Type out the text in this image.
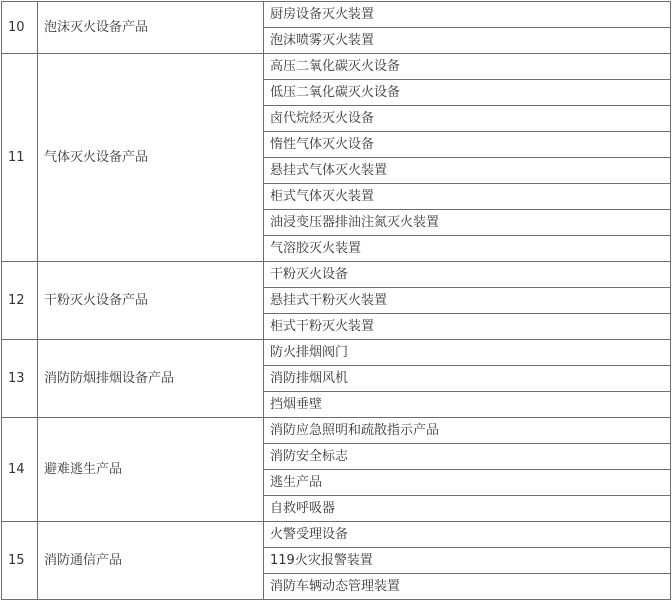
10	泡沫灭火设备产品	厨房设备灭火装置
		泡沫喷雾灭火装置
11	气体灭火设备产品	高压二氧化碳灭火设备
		低压二氧化碳灭火设备
		卤代烷烃灭火设备
		惰性气体灭火设备
		悬挂式气体灭火装置
		柜式气体灭火装置
		油浸变压器排油注氮灭火装置
		气溶胶灭火装置
12	干粉灭火设备产品	干粉灭火设备
		悬挂式干粉灭火装置
		柜式干粉灭火装置
13	消防防烟排烟设备产品	防火排烟阀门
		消防排烟风机
		挡烟垂壁
14	避难逃生产品	消防应急照明和疏散指示产品
		消防安全标志
		逃生产品
		自救呼吸器
15	消防通信产品	火警受理设备
		119火灾报警装置
		消防车辆动态管理装置
